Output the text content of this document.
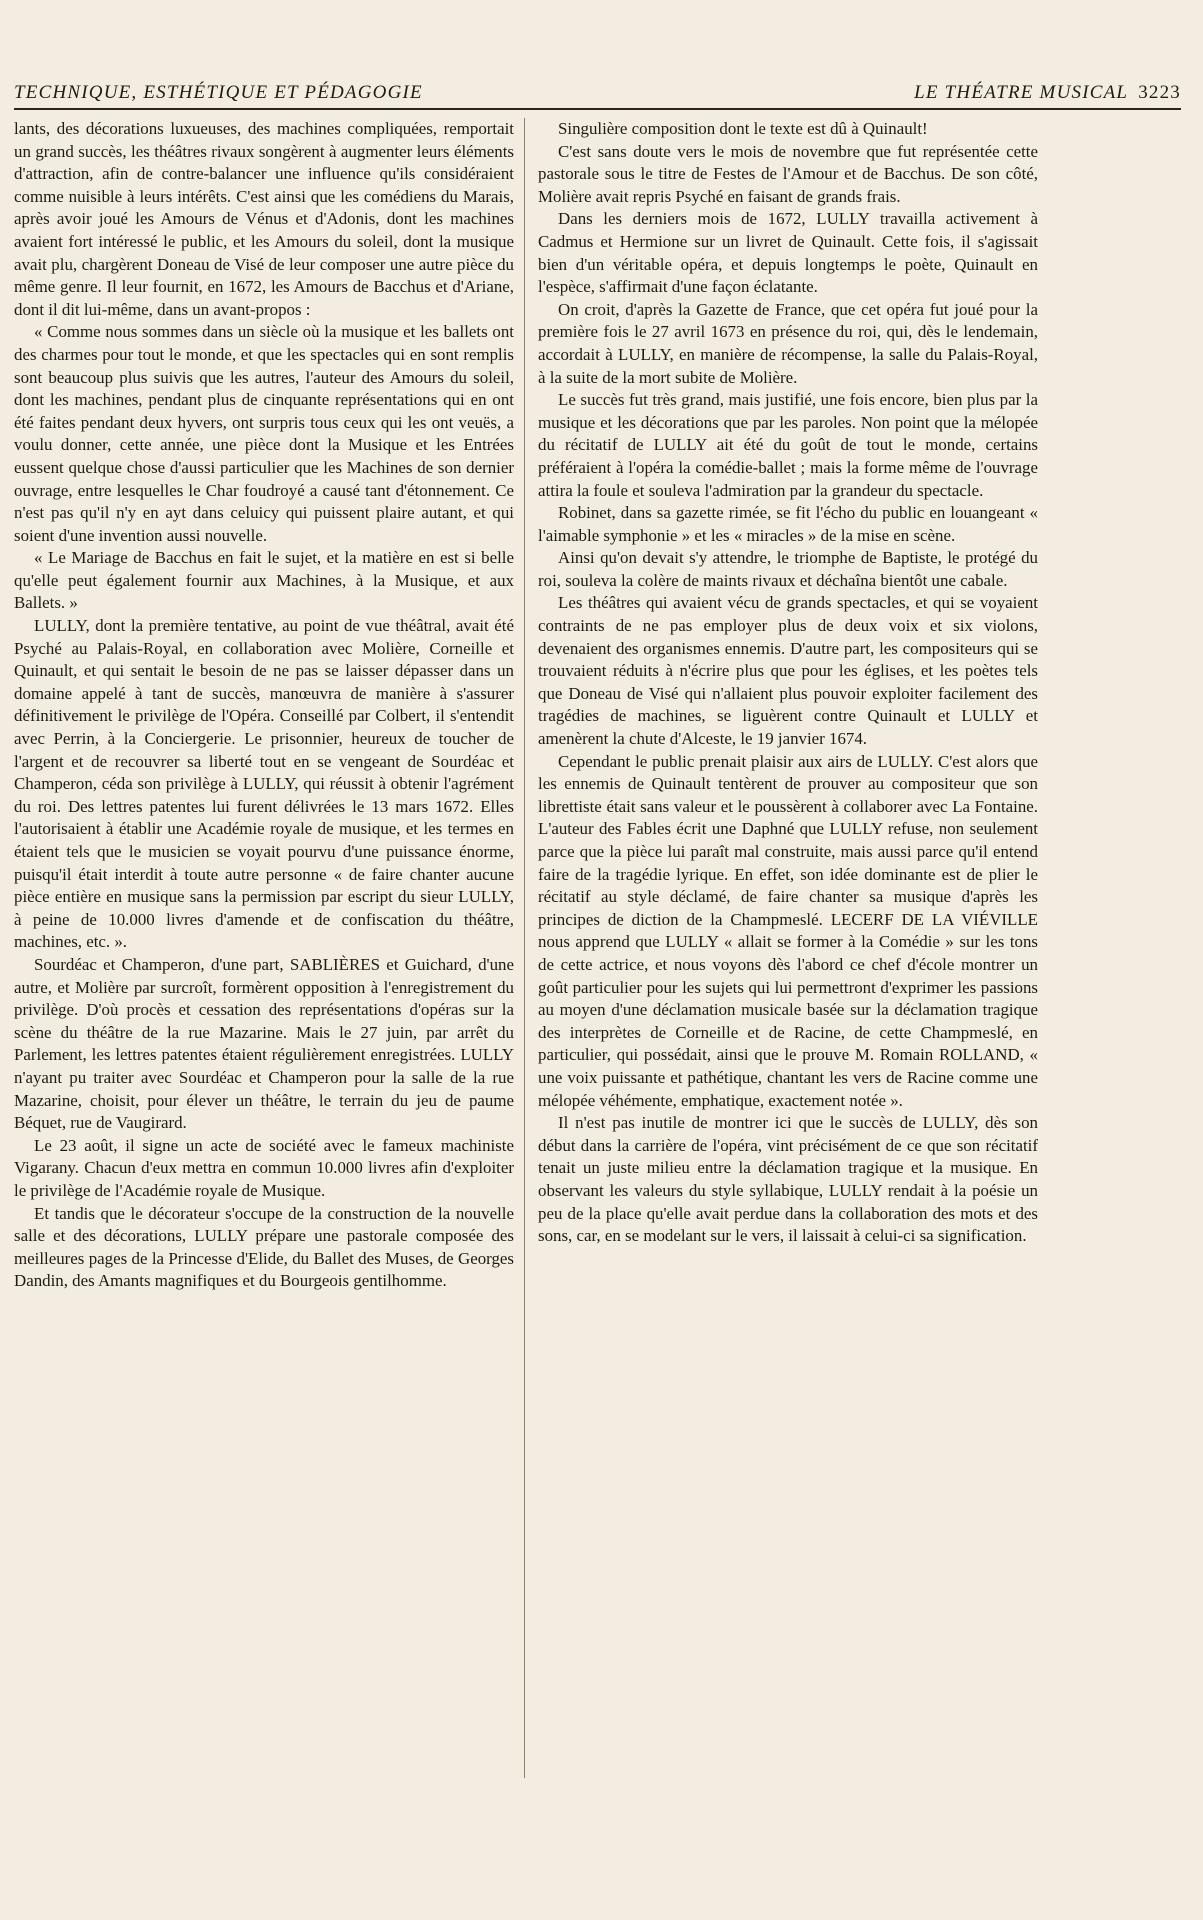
TECHNIQUE, ESTHÉTIQUE ET PÉDAGOGIE	LE THÉATRE MUSICAL 3223

lants, des décorations luxueuses, des machines compliquées, remportait un grand succès, les théâtres rivaux songèrent à augmenter leurs éléments d'attraction, afin de contre-balancer une influence qu'ils considéraient comme nuisible à leurs intérêts. C'est ainsi que les comédiens du Marais, après avoir joué les Amours de Vénus et d'Adonis, dont les machines avaient fort intéressé le public, et les Amours du soleil, dont la musique avait plu, chargèrent Doneau de Visé de leur composer une autre pièce du même genre. Il leur fournit, en 1672, les Amours de Bacchus et d'Ariane, dont il dit lui-même, dans un avant-propos :

« Comme nous sommes dans un siècle où la musique et les ballets ont des charmes pour tout le monde, et que les spectacles qui en sont remplis sont beaucoup plus suivis que les autres, l'auteur des Amours du soleil, dont les machines, pendant plus de cinquante représentations qui en ont été faites pendant deux hyvers, ont surpris tous ceux qui les ont veuës, a voulu donner, cette année, une pièce dont la Musique et les Entrées eussent quelque chose d'aussi particulier que les Machines de son dernier ouvrage, entre lesquelles le Char foudroyé a causé tant d'étonnement. Ce n'est pas qu'il n'y en ayt dans celuicy qui puissent plaire autant, et qui soient d'une invention aussi nouvelle.

« Le Mariage de Bacchus en fait le sujet, et la matière en est si belle qu'elle peut également fournir aux Machines, à la Musique, et aux Ballets. »

LULLY, dont la première tentative, au point de vue théâtral, avait été Psyché au Palais-Royal, en collaboration avec Molière, Corneille et Quinault, et qui sentait le besoin de ne pas se laisser dépasser dans un domaine appelé à tant de succès, manœuvra de manière à s'assurer définitivement le privilège de l'Opéra. Conseillé par Colbert, il s'entendit avec Perrin, à la Conciergerie. Le prisonnier, heureux de toucher de l'argent et de recouvrer sa liberté tout en se vengeant de Sourdéac et Champeron, céda son privilège à LULLY, qui réussit à obtenir l'agrément du roi. Des lettres patentes lui furent délivrées le 13 mars 1672. Elles l'autorisaient à établir une Académie royale de musique, et les termes en étaient tels que le musicien se voyait pourvu d'une puissance énorme, puisqu'il était interdit à toute autre personne « de faire chanter aucune pièce entière en musique sans la permission par escript du sieur LULLY, à peine de 10.000 livres d'amende et de confiscation du théâtre, machines, etc. ».

Sourdéac et Champeron, d'une part, SABLIÈRES et Guichard, d'une autre, et Molière par surcroît, formèrent opposition à l'enregistrement du privilège. D'où procès et cessation des représentations d'opéras sur la scène du théâtre de la rue Mazarine. Mais le 27 juin, par arrêt du Parlement, les lettres patentes étaient régulièrement enregistrées. LULLY n'ayant pu traiter avec Sourdéac et Champeron pour la salle de la rue Mazarine, choisit, pour élever un théâtre, le terrain du jeu de paume Béquet, rue de Vaugirard.

Le 23 août, il signe un acte de société avec le fameux machiniste Vigarany. Chacun d'eux mettra en commun 10.000 livres afin d'exploiter le privilège de l'Académie royale de Musique.

Et tandis que le décorateur s'occupe de la construction de la nouvelle salle et des décorations, LULLY prépare une pastorale composée des meilleures pages de la Princesse d'Elide, du Ballet des Muses, de Georges Dandin, des Amants magnifiques et du Bourgeois gentilhomme.

Singulière composition dont le texte est dû à Quinault!

C'est sans doute vers le mois de novembre que fut représentée cette pastorale sous le titre de Festes de l'Amour et de Bacchus. De son côté, Molière avait repris Psyché en faisant de grands frais.

Dans les derniers mois de 1672, LULLY travailla activement à Cadmus et Hermione sur un livret de Quinault. Cette fois, il s'agissait bien d'un véritable opéra, et depuis longtemps le poète, Quinault en l'espèce, s'affirmait d'une façon éclatante.

On croit, d'après la Gazette de France, que cet opéra fut joué pour la première fois le 27 avril 1673 en présence du roi, qui, dès le lendemain, accordait à LULLY, en manière de récompense, la salle du Palais-Royal, à la suite de la mort subite de Molière.

Le succès fut très grand, mais justifié, une fois encore, bien plus par la musique et les décorations que par les paroles. Non point que la mélopée du récitatif de LULLY ait été du goût de tout le monde, certains préféraient à l'opéra la comédie-ballet ; mais la forme même de l'ouvrage attira la foule et souleva l'admiration par la grandeur du spectacle.

Robinet, dans sa gazette rimée, se fit l'écho du public en louangeant « l'aimable symphonie » et les « miracles » de la mise en scène.

Ainsi qu'on devait s'y attendre, le triomphe de Baptiste, le protégé du roi, souleva la colère de maints rivaux et déchaîna bientôt une cabale.

Les théâtres qui avaient vécu de grands spectacles, et qui se voyaient contraints de ne pas employer plus de deux voix et six violons, devenaient des organismes ennemis. D'autre part, les compositeurs qui se trouvaient réduits à n'écrire plus que pour les églises, et les poètes tels que Doneau de Visé qui n'allaient plus pouvoir exploiter facilement des tragédies de machines, se liguèrent contre Quinault et LULLY et amenèrent la chute d'Alceste, le 19 janvier 1674.

Cependant le public prenait plaisir aux airs de LULLY. C'est alors que les ennemis de Quinault tentèrent de prouver au compositeur que son librettiste était sans valeur et le poussèrent à collaborer avec La Fontaine. L'auteur des Fables écrit une Daphné que LULLY refuse, non seulement parce que la pièce lui paraît mal construite, mais aussi parce qu'il entend faire de la tragédie lyrique. En effet, son idée dominante est de plier le récitatif au style déclamé, de faire chanter sa musique d'après les principes de diction de la Champmeslé. LECERF DE LA VIÉVILLE nous apprend que LULLY « allait se former à la Comédie » sur les tons de cette actrice, et nous voyons dès l'abord ce chef d'école montrer un goût particulier pour les sujets qui lui permettront d'exprimer les passions au moyen d'une déclamation musicale basée sur la déclamation tragique des interprètes de Corneille et de Racine, de cette Champmeslé, en particulier, qui possédait, ainsi que le prouve M. Romain ROLLAND, « une voix puissante et pathétique, chantant les vers de Racine comme une mélopée véhémente, emphatique, exactement notée ».

Il n'est pas inutile de montrer ici que le succès de LULLY, dès son début dans la carrière de l'opéra, vint précisément de ce que son récitatif tenait un juste milieu entre la déclamation tragique et la musique. En observant les valeurs du style syllabique, LULLY rendait à la poésie un peu de la place qu'elle avait perdue dans la collaboration des mots et des sons, car, en se modelant sur le vers, il laissait à celui-ci sa signification.
